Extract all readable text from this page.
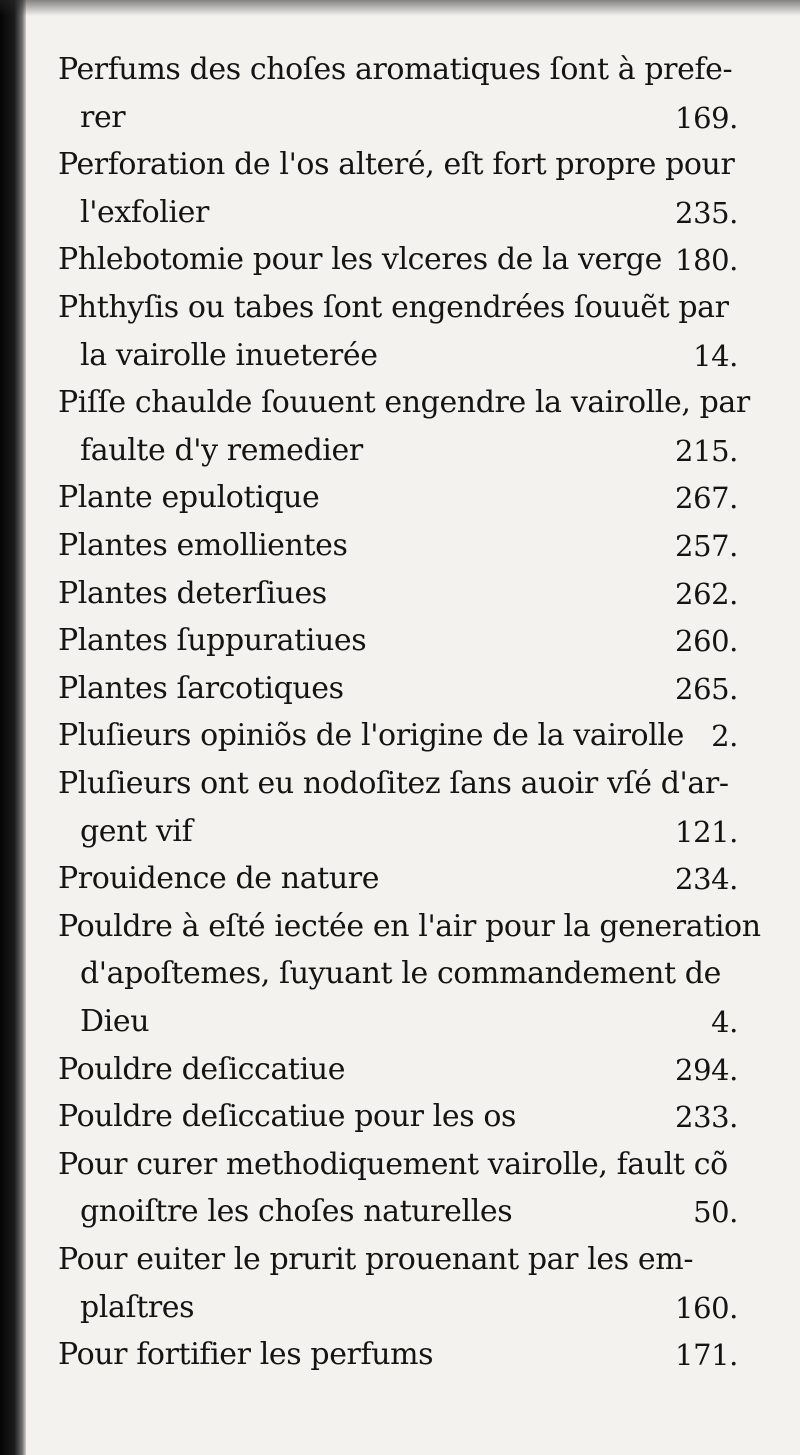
Perfums des choſes aromatiques ſont à prefe-
rer	169.
Perforation de l'os alteré, eſt fort propre pour
l'exfolier	235.
Phlebotomie pour les vlceres de la verge 180.
Phthyſis ou tabes ſont engendrées ſouuẽt par
la vairolle inueterée	14.
Piſſe chaulde ſouuent engendre la vairolle, par
faulte d'y remedier	215.
Plante epulotique	267.
Plantes emollientes	257.
Plantes deterſiues	262.
Plantes ſuppuratiues	260.
Plantes ſarcotiques	265.
Pluſieurs opiniõs de l'origine de la vairolle 2.
Pluſieurs ont eu nodoſitez ſans auoir vſé d'ar-
gent vif	121.
Prouidence de nature	234.
Pouldre à eſté iectée en l'air pour la generation
d'apoſtemes, ſuyuant le commandement de
Dieu	4.
Pouldre deſiccatiue	294.
Pouldre deſiccatiue pour les os	233.
Pour curer methodiquement vairolle, fault cõ
gnoiſtre les choſes naturelles	50.
Pour euiter le prurit prouenant par les em-
plaſtres	160.
Pour fortifier les perfums	171.
